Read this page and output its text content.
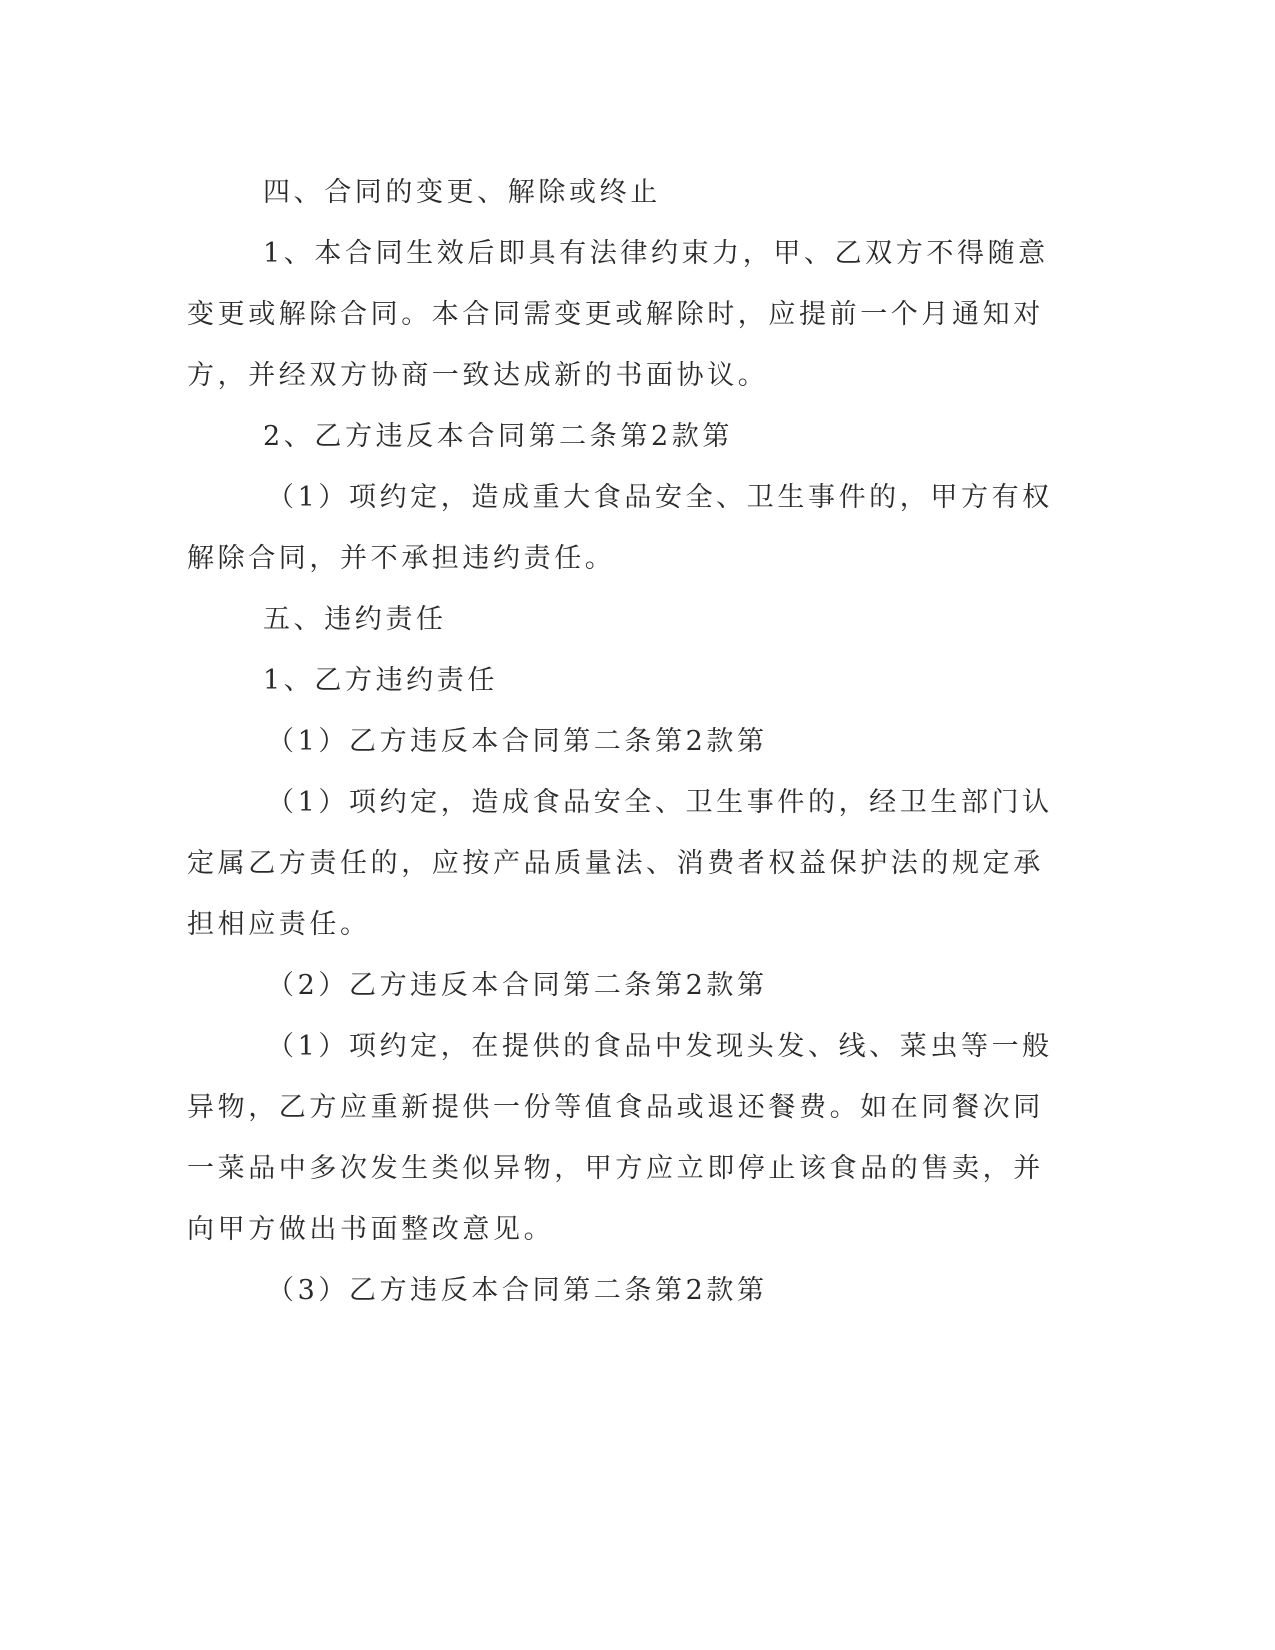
四、合同的变更、解除或终止

1、本合同生效后即具有法律约束力，甲、乙双方不得随意变更或解除合同。本合同需变更或解除时，应提前一个月通知对方，并经双方协商一致达成新的书面协议。

2、乙方违反本合同第二条第2款第

（1）项约定，造成重大食品安全、卫生事件的，甲方有权解除合同，并不承担违约责任。

五、违约责任

1、乙方违约责任

（1）乙方违反本合同第二条第2款第

（1）项约定，造成食品安全、卫生事件的，经卫生部门认定属乙方责任的，应按产品质量法、消费者权益保护法的规定承担相应责任。

（2）乙方违反本合同第二条第2款第

（1）项约定，在提供的食品中发现头发、线、菜虫等一般异物，乙方应重新提供一份等值食品或退还餐费。如在同餐次同一菜品中多次发生类似异物，甲方应立即停止该食品的售卖，并向甲方做出书面整改意见。

（3）乙方违反本合同第二条第2款第
